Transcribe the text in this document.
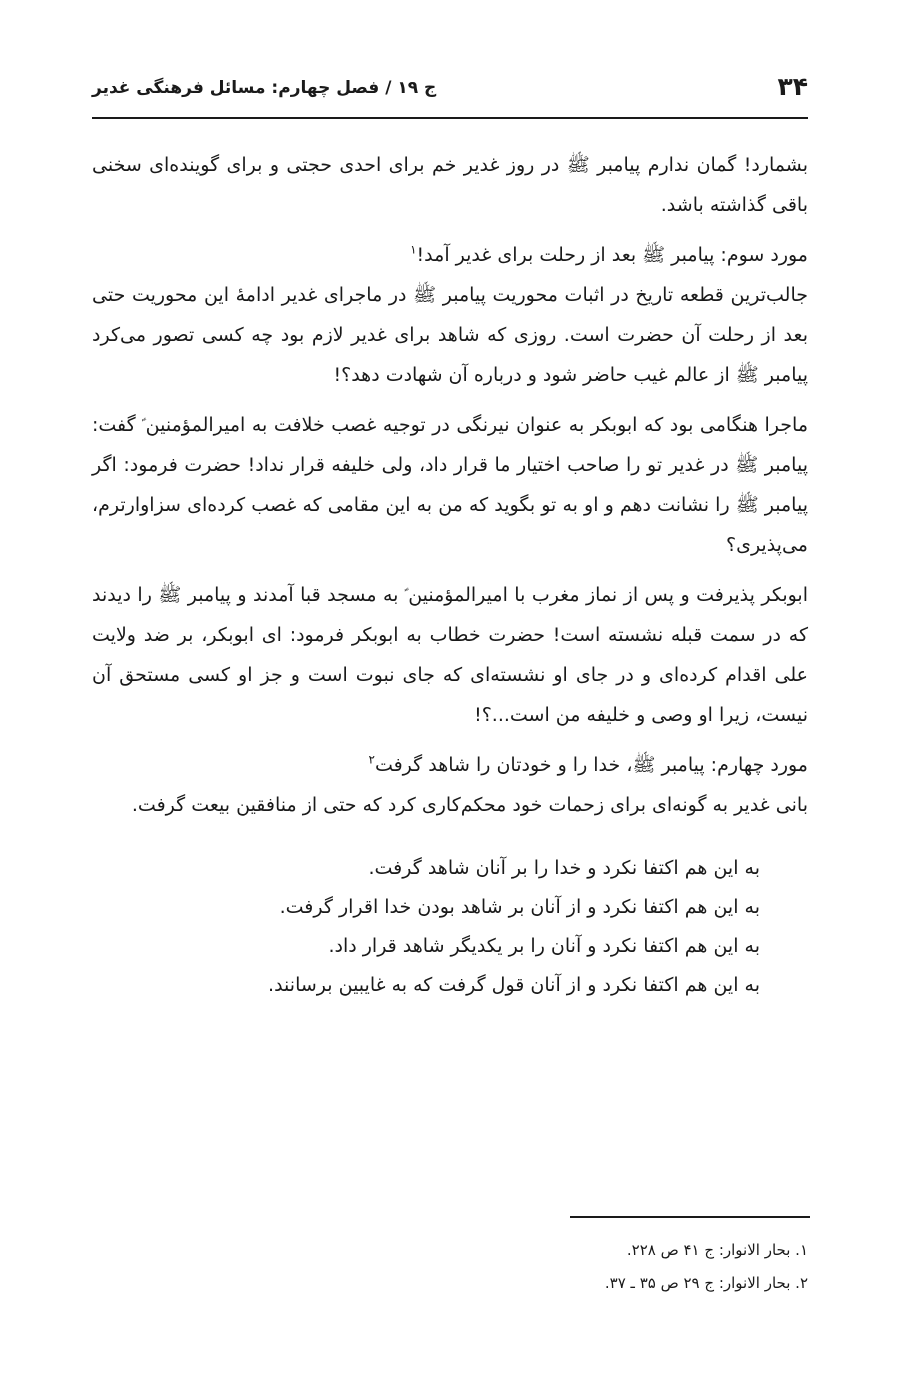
۳۴
ج ۱۹ / فصل چهارم: مسائل فرهنگی غدیر

بشمارد! گمان ندارم پیامبر ﷺ در روز غدیر خم برای احدی حجتی و برای گوینده‌ای سخنی باقی گذاشته باشد.

مورد سوم: پیامبر ﷺ بعد از رحلت برای غدیر آمد!$^۱$

جالب‌ترین قطعه تاریخ در اثبات محوریت پیامبر ﷺ در ماجرای غدیر ادامهٔ این محوریت حتی بعد از رحلت آن حضرت است. روزی که شاهد برای غدیر لازم بود چه کسی تصور می‌کرد پیامبر ﷺ از عالم غیب حاضر شود و درباره آن شهادت دهد؟!

ماجرا هنگامی بود که ابوبکر به عنوان نیرنگی در توجیه غصب خلافت به امیرالمؤمنین ؑ گفت: پیامبر ﷺ در غدیر تو را صاحب اختیار ما قرار داد، ولی خلیفه قرار نداد! حضرت فرمود: اگر پیامبر ﷺ را نشانت دهم و او به تو بگوید که من به این مقامی که غصب کرده‌ای سزاوارترم، می‌پذیری؟

ابوبکر پذیرفت و پس از نماز مغرب با امیرالمؤمنین ؑ به مسجد قبا آمدند و پیامبر ﷺ را دیدند که در سمت قبله نشسته است! حضرت خطاب به ابوبکر فرمود: ای ابوبکر، بر ضد ولایت علی اقدام کرده‌ای و در جای او نشسته‌ای که جای نبوت است و جز او کسی مستحق آن نیست، زیرا او وصی و خلیفه من است...؟!

مورد چهارم: پیامبر ﷺ، خدا را و خودتان را شاهد گرفت$^۲$

بانی غدیر به گونه‌ای برای زحمات خود محکم‌کاری کرد که حتی از منافقین بیعت گرفت.

به این هم اکتفا نکرد و خدا را بر آنان شاهد گرفت.
به این هم اکتفا نکرد و از آنان بر شاهد بودن خدا اقرار گرفت.
به این هم اکتفا نکرد و آنان را بر یکدیگر شاهد قرار داد.
به این هم اکتفا نکرد و از آنان قول گرفت که به غایبین برسانند.
۱. بحار الانوار: ج ۴۱ ص ۲۲۸.
۲. بحار الانوار: ج ۲۹ ص ۳۵ ـ ۳۷.
